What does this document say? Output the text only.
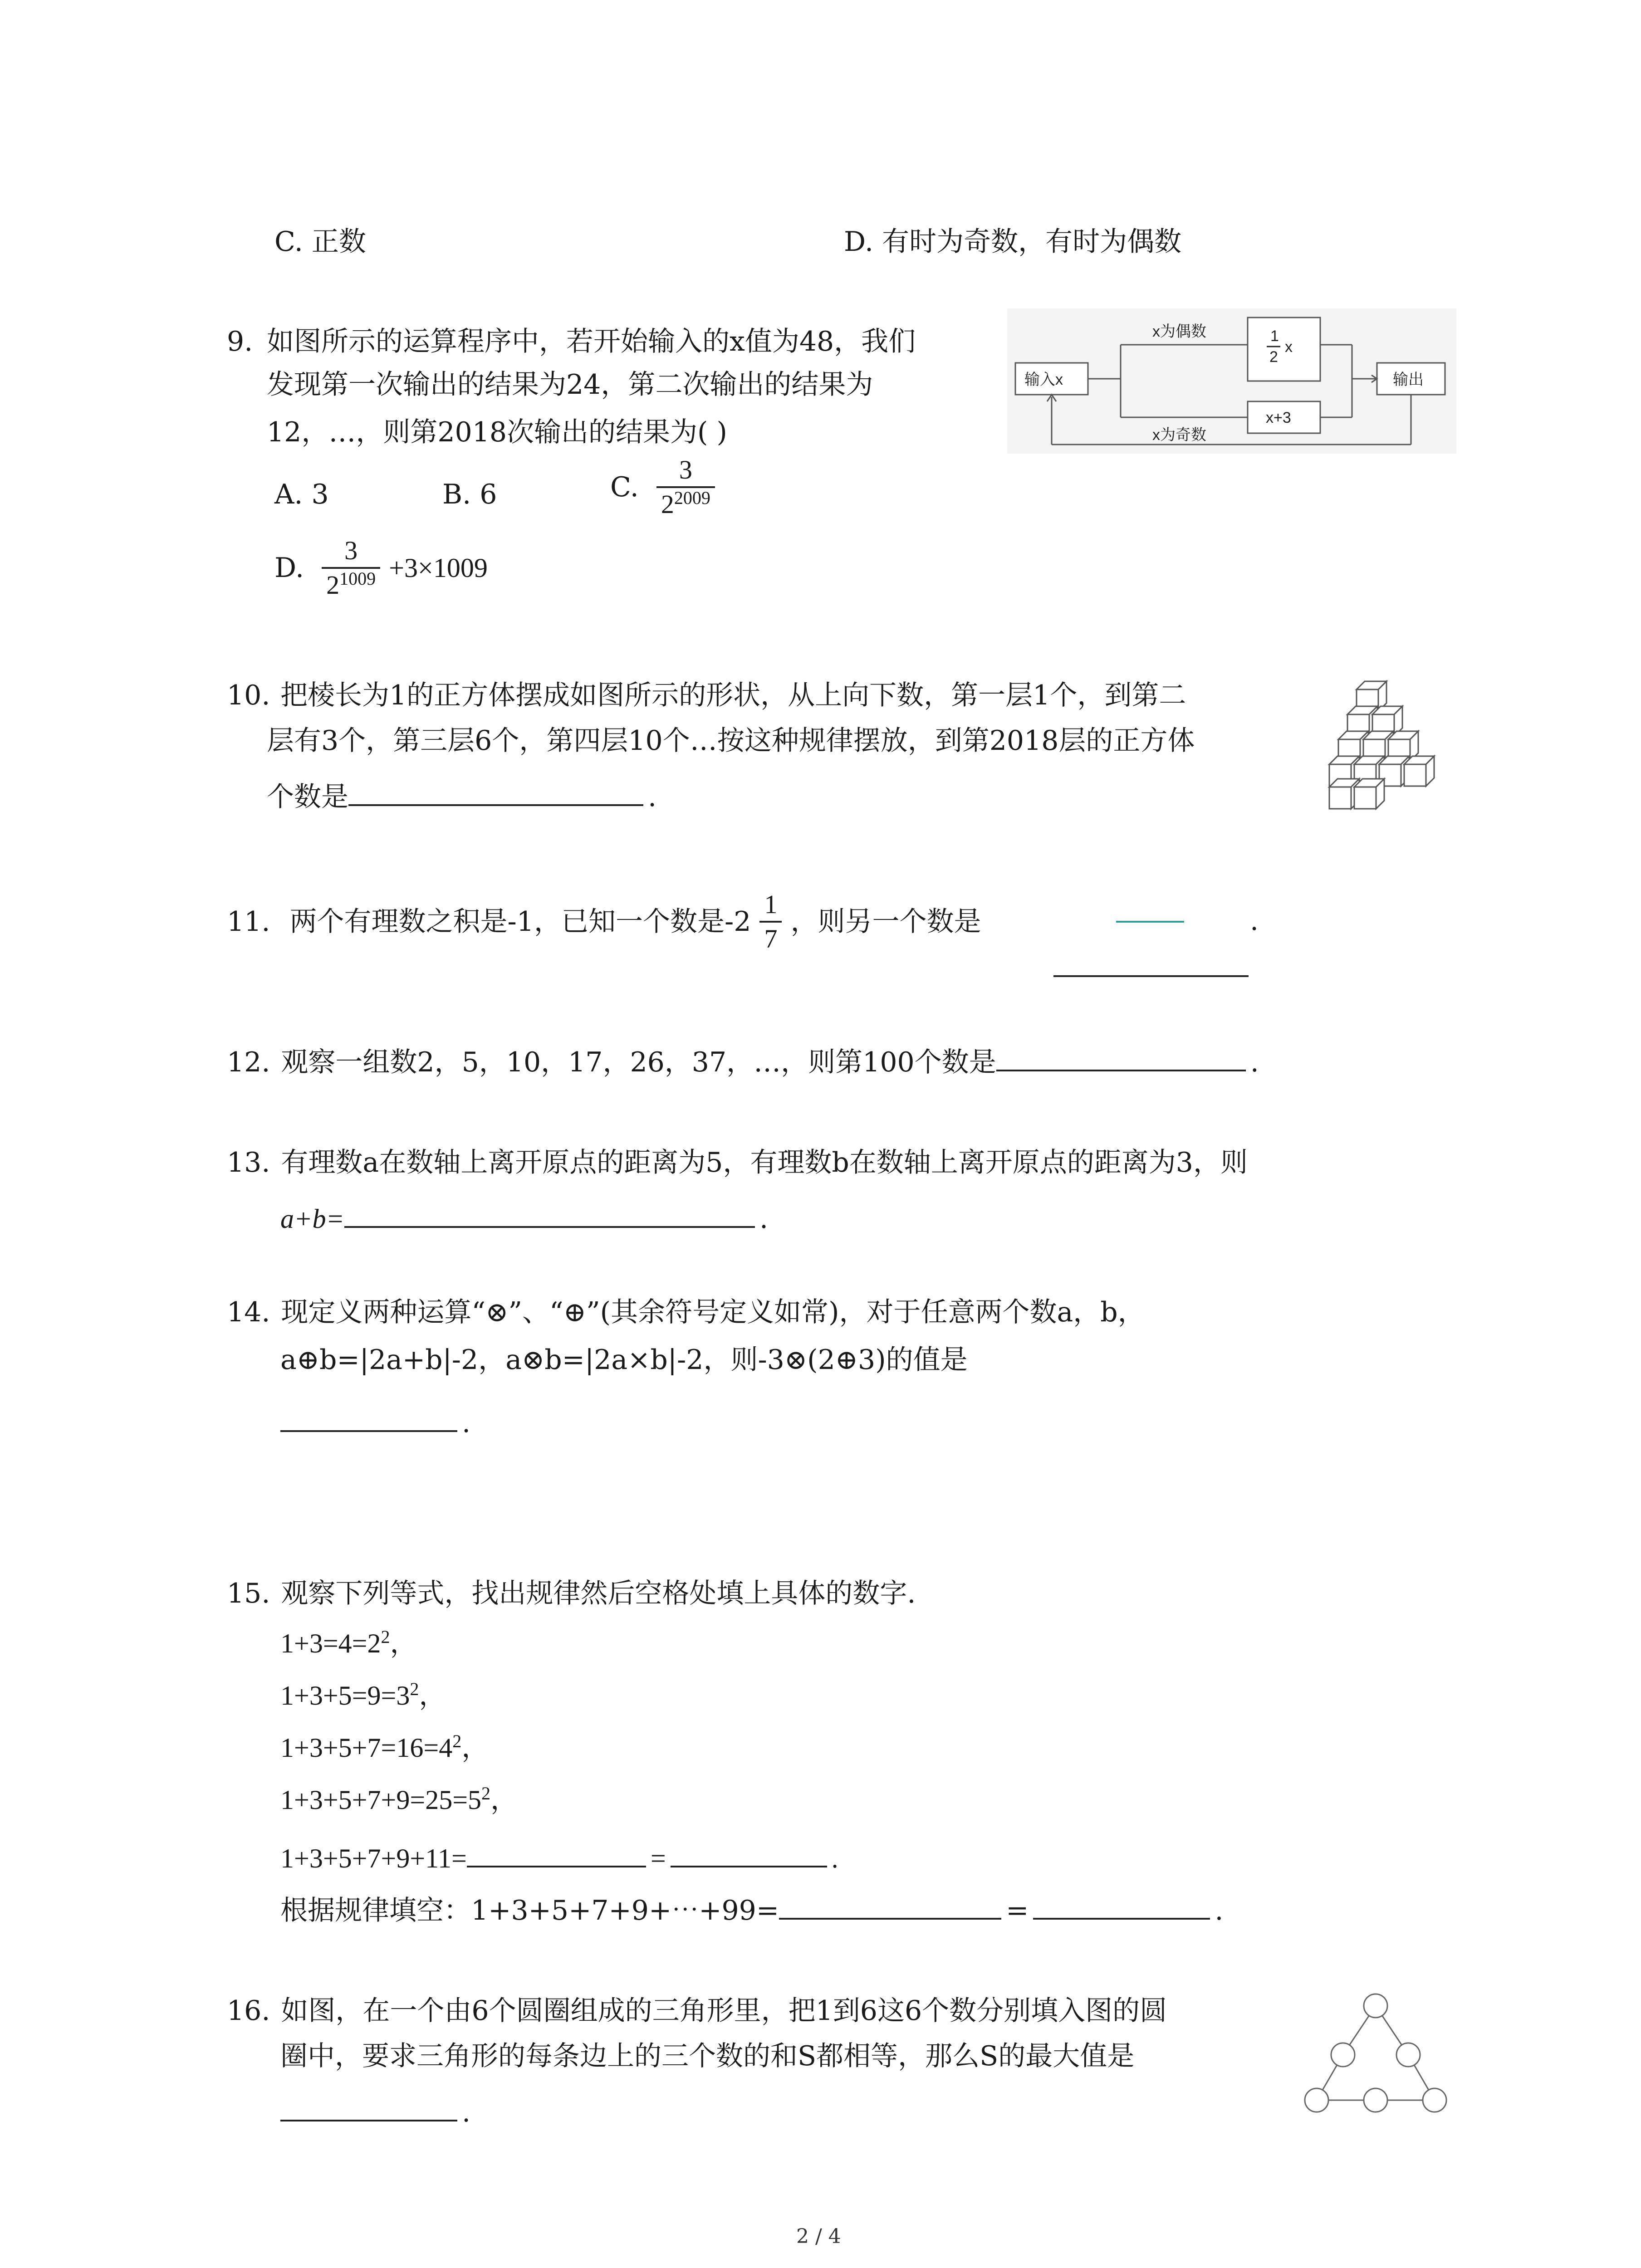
C. 正数	D. 有时为奇数，有时为偶数
9. 如图所示的运算程序中，若开始输入的x值为48，我们
发现第一次输出的结果为24，第二次输出的结果为
12，…，则第2018次输出的结果为( )
A. 3	B. 6	C. $\frac{3}{2^{2009}}$
D. $\frac{3}{2^{1009}} +3\times 1009$
输入x	输出
x为偶数
x为奇数
1
2
x
x+3
10. 把棱长为1的正方体摆成如图所示的形状，从上向下数，第一层1个，到第二
层有3个，第三层6个，第四层10个…按这种规律摆放，到第2018层的正方体
个数是	.
11. 两个有理数之积是-1，已知一个数是$-2 \frac{1}{7}$ ，则另一个数是	.
12. 观察一组数2，5，10，17，26，37，…，则第100个数是	.
13. 有理数a在数轴上离开原点的距离为5，有理数b在数轴上离开原点的距离为3，则
a+b=	.
14. 现定义两种运算“⊗”、“⊕”(其余符号定义如常)，对于任意两个数a，b，
a⊕b=|2a+b|-2，a⊗b=|2a×b|-2，则-3⊗(2⊕3)的值是
.
15. 观察下列等式，找出规律然后空格处填上具体的数字.
$1+3=4=2^2$，
$1+3+5=9=3^2$，
$1+3+5+7=16=4^2$，
$1+3+5+7+9=25=5^2$，
1+3+5+7+9+11=	=	.
根据规律填空：1+3+5+7+9+⋯+99=	=	.
16. 如图，在一个由6个圆圈组成的三角形里，把1到6这6个数分别填入图的圆
圈中，要求三角形的每条边上的三个数的和S都相等，那么S的最大值是
.
2 / 4
